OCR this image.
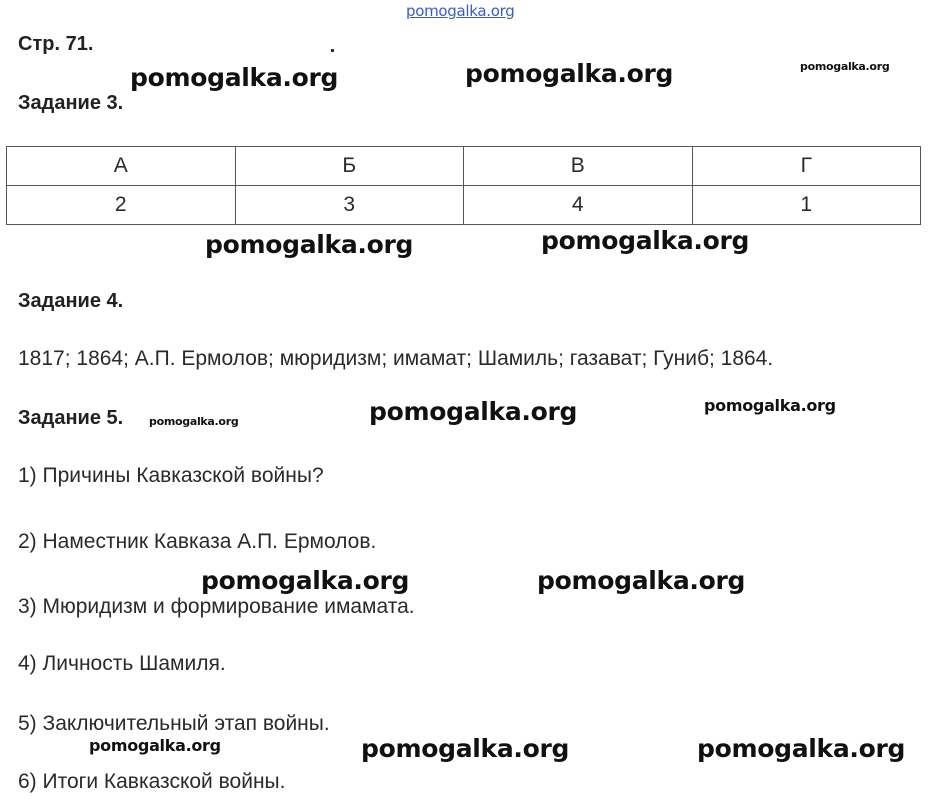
pomogalka.org
Стр. 71.
pomogalka.org	pomogalka.org	pomogalka.org
Задание 3.
А	Б	В	Г
2	3	4	1
pomogalka.org	pomogalka.org
Задание 4.
1817; 1864; А.П. Ермолов; мюридизм; имамат; Шамиль; газават; Гуниб; 1864.
Задание 5. pomogalka.org	pomogalka.org	pomogalka.org
1) Причины Кавказской войны?
2) Наместник Кавказа А.П. Ермолов.
pomogalka.org	pomogalka.org
3) Мюридизм и формирование имамата.
4) Личность Шамиля.
5) Заключительный этап войны.
pomogalka.org	pomogalka.org	pomogalka.org
6) Итоги Кавказской войны.
